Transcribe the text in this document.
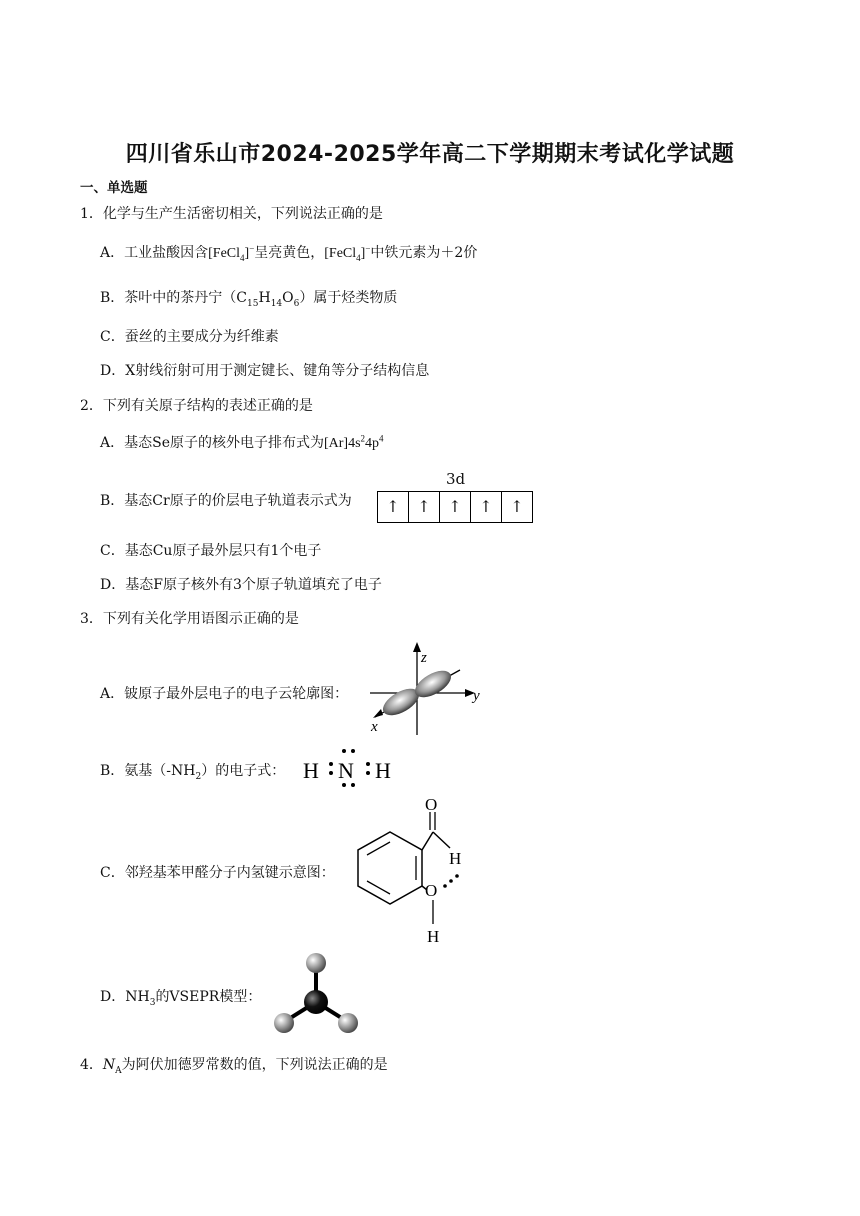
四川省乐山市2024-2025学年高二下学期期末考试化学试题
一、单选题
1．化学与生产生活密切相关，下列说法正确的是
A．工业盐酸因含[FeCl$_4$]−呈亮黄色，[FeCl$_4$]−中铁元素为＋2价
B．茶叶中的茶丹宁$(C_{15}H_{14}O_6)$属于烃类物质
C．蚕丝的主要成分为纤维素
D．X射线衍射可用于测定键长、键角等分子结构信息
2．下列有关原子结构的表述正确的是
A．基态Se原子的核外电子排布式为$[Ar]4s^24p^4$
B．基态Cr原子的价层电子轨道表示式为
3d
↑	↑	↑	↑	↑
C．基态Cu原子最外层只有1个电子
D．基态F原子核外有3个原子轨道填充了电子
3．下列有关化学用语图示正确的是
A．铍原子最外层电子的电子云轮廓图：
z
y
x
B．氨基$(-NH_2)$的电子式： H N H
C．邻羟基苯甲醛分子内氢键示意图：
O
H
O
H
D．$NH_3$的VSEPR模型：
4．$N_A$为阿伏加德罗常数的值，下列说法正确的是
